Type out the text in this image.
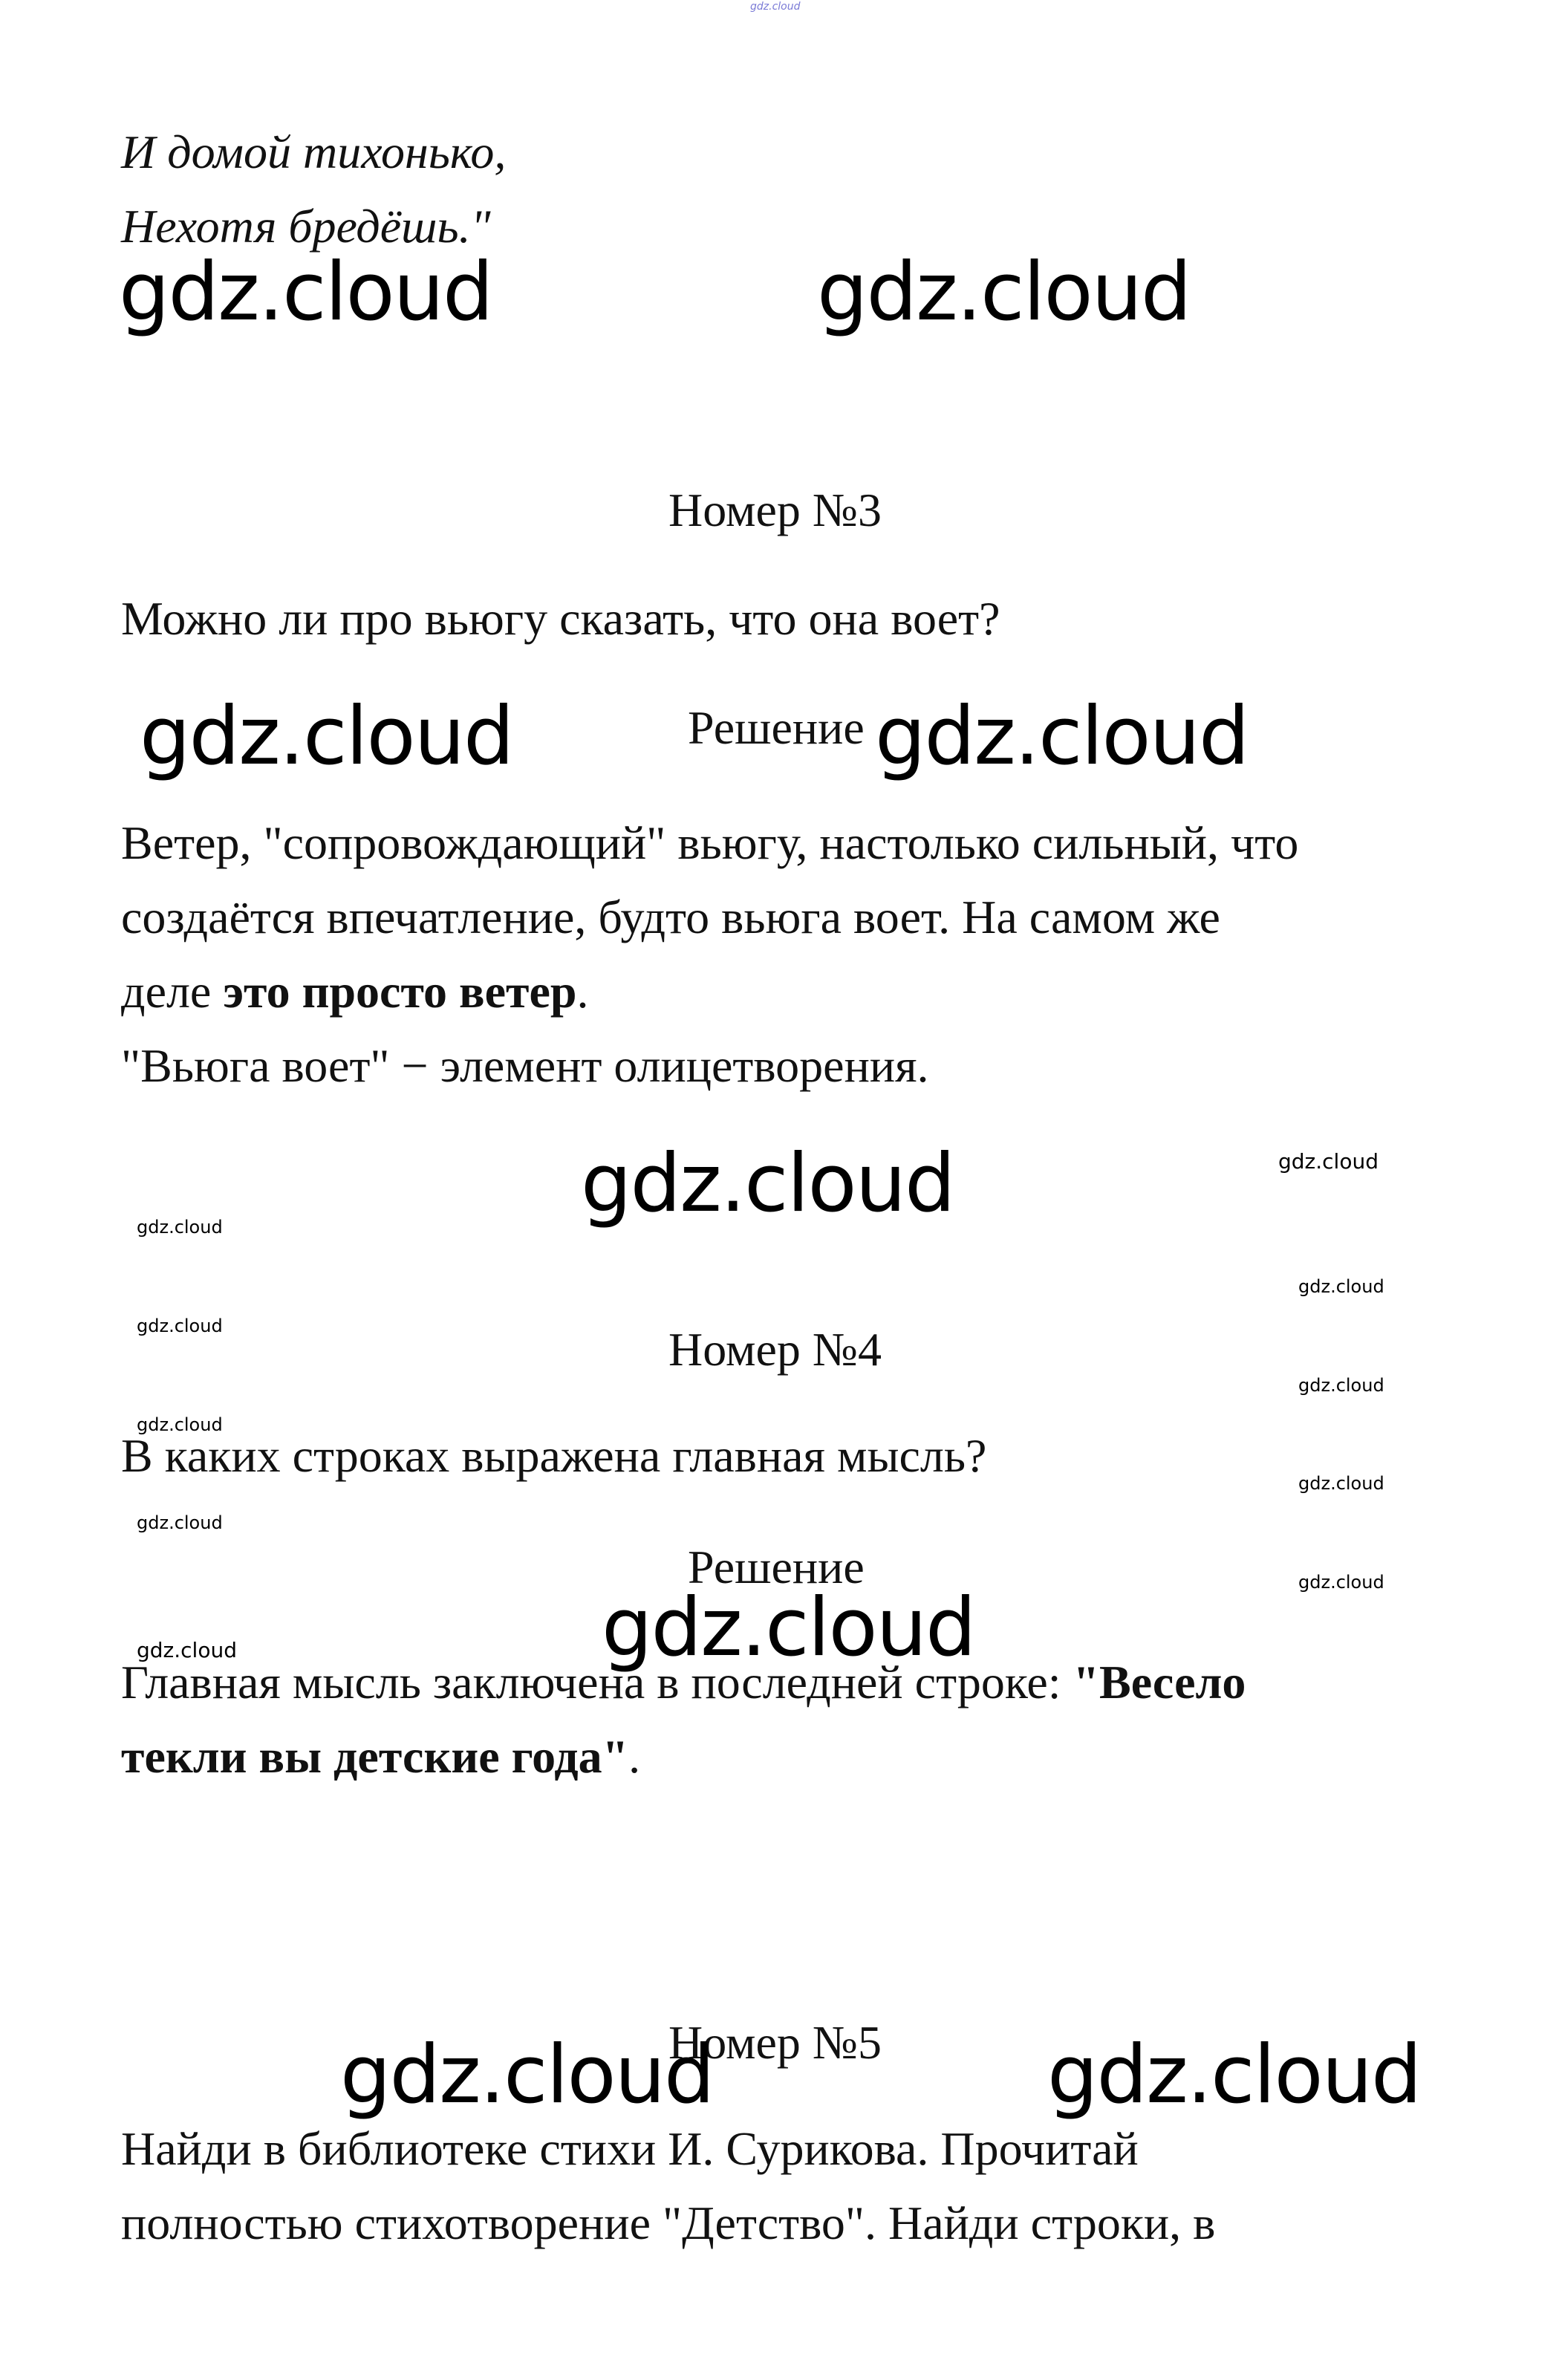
gdz.cloud
И домой тихонько,
Нехотя бредёшь."
gdz.cloud	gdz.cloud
Номер №3
Можно ли про вьюгу сказать, что она воет?
gdz.cloud	Решение gdz.cloud
Ветер, "сопровождающий" вьюгу, настолько сильный, что
создаётся впечатление, будто вьюга воет. На самом же
деле это просто ветер.
"Вьюга воет" − элемент олицетворения.
gdz.cloud	gdz.cloud
gdz.cloud
gdz.cloud
gdz.cloud
gdz.cloud
gdz.cloud
gdz.cloud
gdz.cloud
gdz.cloud
gdz.cloud
Номер №4
В каких строках выражена главная мысль?
Решение
gdz.cloud
Главная мысль заключена в последней строке: "Весело
текли вы детские года".
Номер №5
gdz.cloud	gdz.cloud
Найди в библиотеке стихи И. Сурикова. Прочитай
полностью стихотворение "Детство". Найди строки, в
